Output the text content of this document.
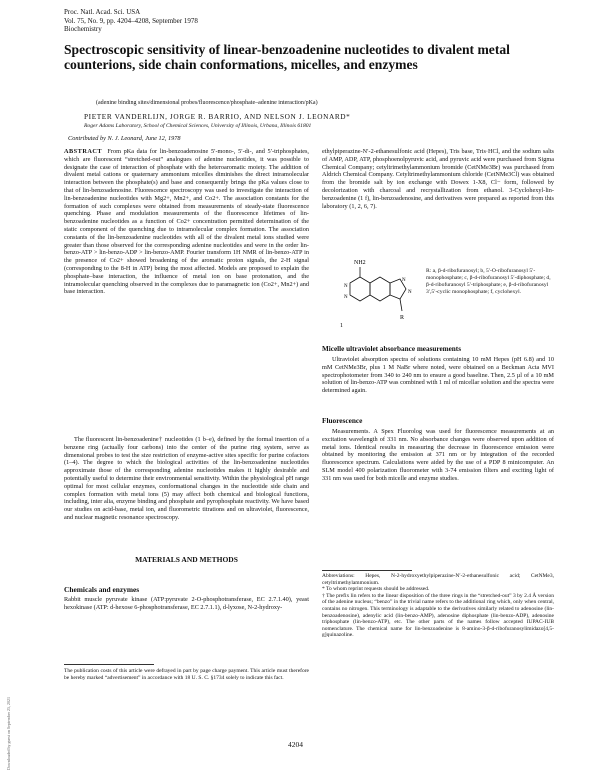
Proc. Natl. Acad. Sci. USA
Vol. 75, No. 9, pp. 4204–4208, September 1978
Biochemistry
Spectroscopic sensitivity of linear-benzoadenine nucleotides to divalent metal counterions, side chain conformations, micelles, and enzymes
(adenine binding sites/dimensional probes/fluorescence/phosphate–adenine interaction/pKa)
PIETER VANDERLIJN, JORGE R. BARRIO, AND NELSON J. LEONARD*
Roger Adams Laboratory, School of Chemical Sciences, University of Illinois, Urbana, Illinois 61801
Contributed by N. J. Leonard, June 12, 1978

ABSTRACT From pKa data for lin-benzoadenosine 5′-mono-, 5′-di-, and 5′-triphosphates, which are fluorescent “stretched-out” analogues of adenine nucleotides, it was possible to designate the case of interaction of phosphate with the heteroaromatic moiety. The addition of divalent metal cations or quaternary ammonium micelles diminishes the direct intramolecular interaction between the phosphate(s) and base and consequently brings the pKa values close to that of lin-benzoadenosine. Fluorescence spectroscopy was used to investigate the interaction of lin-benzoadenine nucleotides with Mg2+, Mn2+, and Co2+. The association constants for the formation of such complexes were obtained from measurements of steady-state fluorescence quenching. Phase and modulation measurements of the fluorescence lifetimes of lin-benzoadenine nucleotides as a function of Co2+ concentration permitted determination of the static component of the quenching due to intramolecular complex formation. The association constants of the lin-benzoadenine nucleotides with all of the divalent metal ions studied were greater than those observed for the corresponding adenine nucleotides and were in the order lin-benzo-ATP > lin-benzo-ADP > lin-benzo-AMP. Fourier transform 1H NMR of lin-benzo-ATP in the presence of Co2+ showed broadening of the aromatic proton signals, the 2-H signal (corresponding to the 8-H in ATP) being the most affected. Models are proposed to explain the phosphate–base interaction, the influence of metal ion on base protonation, and the intramolecular quenching observed in the complexes due to paramagnetic ion (Co2+, Mn2+) and base interaction.

The fluorescent lin-benzoadenine† nucleotides (1 b–e), defined by the formal insertion of a benzene ring (actually four carbons) into the center of the purine ring system, serve as dimensional probes to test the size restriction of enzyme-active sites specific for purine cofactors (1–4). The degree to which the biological activities of the lin-benzoadenine nucleotides approximate those of the corresponding adenine nucleotides makes it highly desirable and potentially useful to determine their environmental sensitivity. Within the physiological pH range optimal for most cellular enzymes, conformational changes in the nucleotide side chain and complex formation with metal ions (5) may affect both chemical and biological functions, including, inter alia, enzyme binding and phosphate and pyrophosphate reactivity. We have based our studies on acid-base, metal ion, and fluorometric titrations and on ultraviolet, fluorescence, and nuclear magnetic resonance spectroscopy.
MATERIALS AND METHODS
Chemicals and enzymes
Rabbit muscle pyruvate kinase (ATP:pyruvate 2-O-phosphotransferase, EC 2.7.1.40), yeast hexokinase (ATP: d-hexose 6-phosphotransferase, EC 2.7.1.1), d-lyxose, N-2-hydroxy-
The publication costs of this article were defrayed in part by page charge payment. This article must therefore be hereby marked “advertisement” in accordance with 18 U. S. C. §1734 solely to indicate this fact.
ethylpiperazine-N′-2-ethanesulfonic acid (Hepes), Tris base, Tris·HCl, and the sodium salts of AMP, ADP, ATP, phosphoenolpyruvic acid, and pyruvic acid were purchased from Sigma Chemical Company; cetyltrimethylammonium bromide (CetNMe3Br) was purchased from Aldrich Chemical Company. Cetyltrimethylammonium chloride (CetNMe3Cl) was obtained from the bromide salt by ion exchange with Dowex 1-X8, Cl− form, followed by decolorization with charcoal and recrystallization from ethanol. 3-Cyclohexyl-lin-benzoadenine (1 f), lin-benzoadenosine, and derivatives were prepared as reported from this laboratory (1, 2, 6, 7).
NH2
N
N
N
N
R
1
R: a, β-d-ribofuranosyl; b, 5′-O-ribofuranosyl 5′-monophosphate; c, β-d-ribofuranosyl 5′-diphosphate; d, β-d-ribofuranosyl 5′-triphosphate; e, β-d-ribofuranosyl 3′,5′-cyclic monophosphate; f, cyclohexyl.
Micelle ultraviolet absorbance measurements
Ultraviolet absorption spectra of solutions containing 10 mM Hepes (pH 6.8) and 10 mM CetNMe3Br, plus 1 M NaBr where noted, were obtained on a Beckman Acta MVI spectrophotometer from 340 to 240 nm to ensure a good baseline. Then, 2.5 µl of a 10 mM solution of lin-benzo-ATP was combined with 1 ml of micellar solution and the spectra were determined again.
Fluorescence
Measurements. A Spex Fluorolog was used for fluorescence measurements at an excitation wavelength of 331 nm. No absorbance changes were observed upon addition of metal ions. Identical results in measuring the decrease in fluorescence emission were obtained by monitoring the emission at 371 nm or by integration of the recorded fluorescence spectrum. Calculations were aided by the use of a PDP 8 minicomputer. An SLM model 400 polarization fluorometer with 3-74 emission filters and exciting light of 331 nm was used for both micelle and enzyme studies.
Abbreviations: Hepes, N-2-hydroxyethylpiperazine-N′-2-ethanesulfonic acid; CetNMe3, cetyltrimethylammonium.
* To whom reprint requests should be addressed.
† The prefix lin refers to the linear disposition of the three rings in the “stretched-out” 3 by 2.4 Å version of the adenine nucleus; “benzo” in the trivial name refers to the additional ring which, only when central, contains no nitrogen. This terminology is adaptable to the derivatives similarly related to adenosine (lin-benzoadenosine), adenylic acid (lin-benzo-AMP), adenosine diphosphate (lin-benzo-ADP), adenosine triphosphate (lin-benzo-ATP), etc. The other parts of the names follow accepted IUPAC-IUB nomenclature. The chemical name for lin-benzoadenine is 8-amino-3-β-d-ribofuranosylimidazo[4,5-g]quinazoline.
4204
Downloaded by guest on September 25, 2021
